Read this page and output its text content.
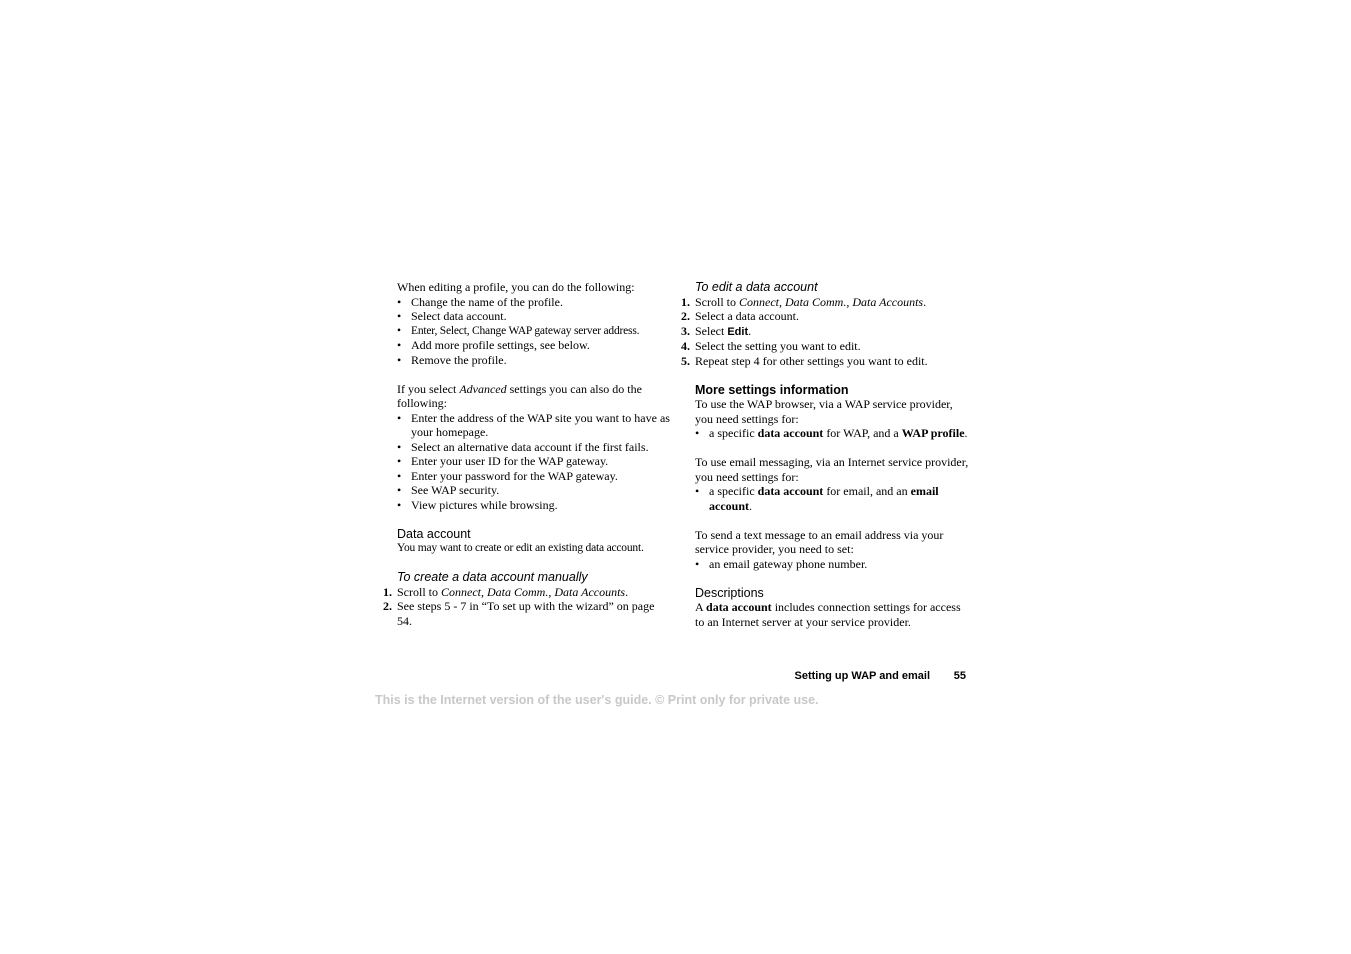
When editing a profile, you can do the following:

• Change the name of the profile.
• Select data account.
• Enter, Select, Change WAP gateway server address.
• Add more profile settings, see below.
• Remove the profile.

If you select Advanced settings you can also do the following:

• Enter the address of the WAP site you want to have as your homepage.
• Select an alternative data account if the first fails.
• Enter your user ID for the WAP gateway.
• Enter your password for the WAP gateway.
• See WAP security.
• View pictures while browsing.

Data account

You may want to create or edit an existing data account.

To create a data account manually

1. Scroll to Connect, Data Comm., Data Accounts.
2. See steps 5 - 7 in “To set up with the wizard” on page 54.

To edit a data account

1. Scroll to Connect, Data Comm., Data Accounts.
2. Select a data account.
3. Select Edit.
4. Select the setting you want to edit.
5. Repeat step 4 for other settings you want to edit.

More settings information

To use the WAP browser, via a WAP service provider, you need settings for:

• a specific data account for WAP, and a WAP profile.

To use email messaging, via an Internet service provider, you need settings for:

• a specific data account for email, and an email account.

To send a text message to an email address via your service provider, you need to set:

• an email gateway phone number.

Descriptions

A data account includes connection settings for access to an Internet server at your service provider.

Setting up WAP and email 55
This is the Internet version of the user's guide. © Print only for private use.
